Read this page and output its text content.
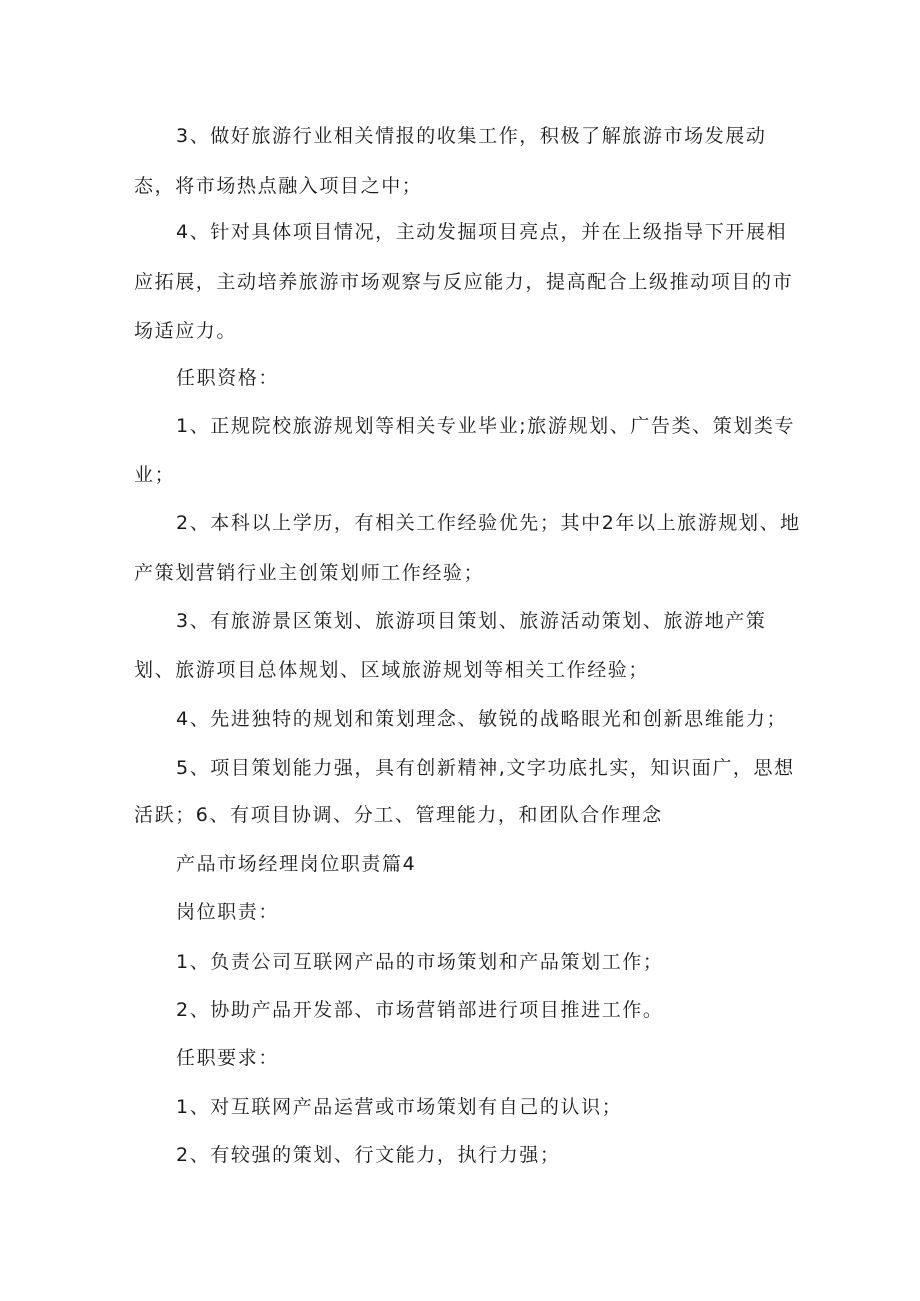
3、做好旅游行业相关情报的收集工作，积极了解旅游市场发展动
态，将市场热点融入项目之中；
4、针对具体项目情况，主动发掘项目亮点，并在上级指导下开展相
应拓展，主动培养旅游市场观察与反应能力，提高配合上级推动项目的市
场适应力。
任职资格：
1、正规院校旅游规划等相关专业毕业;旅游规划、广告类、策划类专
业；
2、本科以上学历，有相关工作经验优先；其中2年以上旅游规划、地
产策划营销行业主创策划师工作经验；
3、有旅游景区策划、旅游项目策划、旅游活动策划、旅游地产策
划、旅游项目总体规划、区域旅游规划等相关工作经验；
4、先进独特的规划和策划理念、敏锐的战略眼光和创新思维能力；
5、项目策划能力强，具有创新精神,文字功底扎实，知识面广，思想
活跃；6、有项目协调、分工、管理能力，和团队合作理念
产品市场经理岗位职责篇4
岗位职责：
1、负责公司互联网产品的市场策划和产品策划工作；
2、协助产品开发部、市场营销部进行项目推进工作。
任职要求：
1、对互联网产品运营或市场策划有自己的认识；
2、有较强的策划、行文能力，执行力强；
